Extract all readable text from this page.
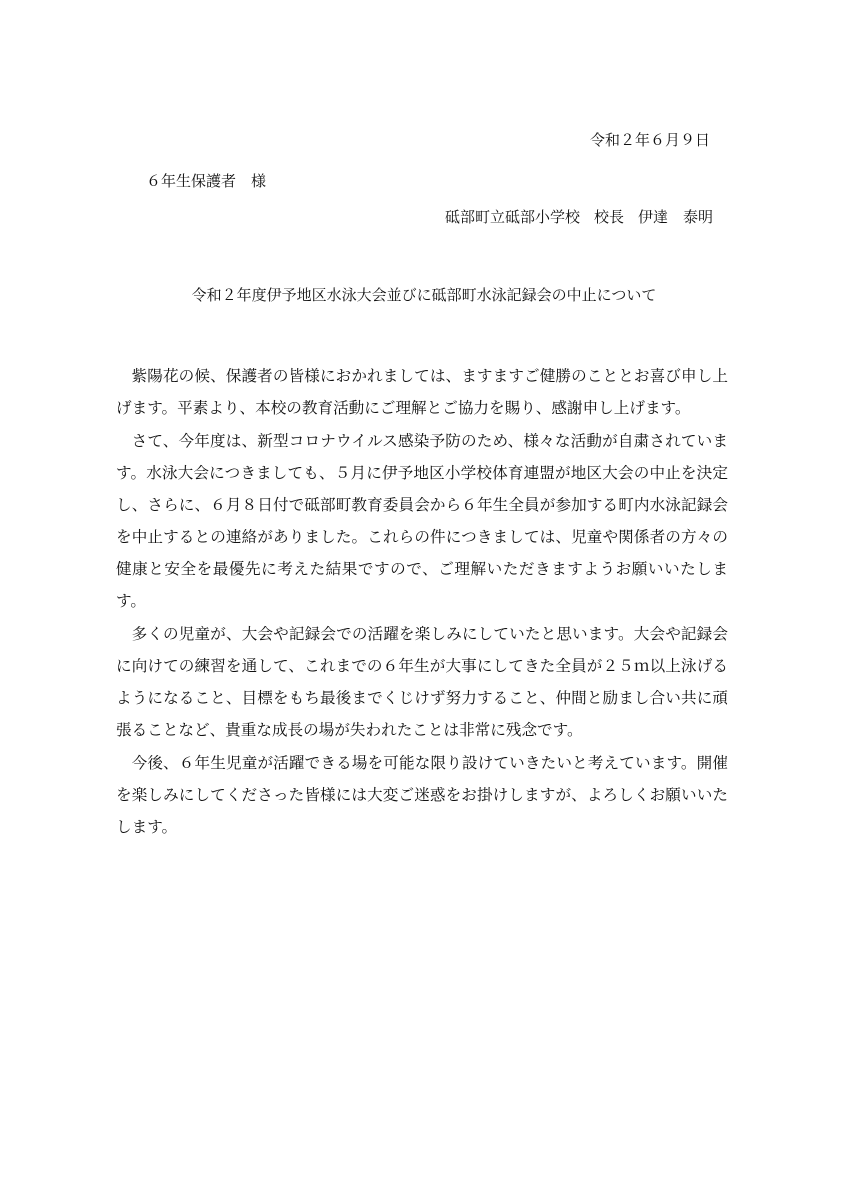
令和２年６月９日
６年生保護者　様
砥部町立砥部小学校 校長 伊達　泰明
令和２年度伊予地区水泳大会並びに砥部町水泳記録会の中止について

紫陽花の候、保護者の皆様におかれましては、ますますご健勝のこととお喜び申し上げます。平素より、本校の教育活動にご理解とご協力を賜り、感謝申し上げます。

さて、今年度は、新型コロナウイルス感染予防のため、様々な活動が自粛されています。水泳大会につきましても、５月に伊予地区小学校体育連盟が地区大会の中止を決定し、さらに、６月８日付で砥部町教育委員会から６年生全員が参加する町内水泳記録会を中止するとの連絡がありました。これらの件につきましては、児童や関係者の方々の健康と安全を最優先に考えた結果ですので、ご理解いただきますようお願いいたします。

多くの児童が、大会や記録会での活躍を楽しみにしていたと思います。大会や記録会に向けての練習を通して、これまでの６年生が大事にしてきた全員が２５ｍ以上泳げるようになること、目標をもち最後までくじけず努力すること、仲間と励まし合い共に頑張ることなど、貴重な成長の場が失われたことは非常に残念です。

今後、６年生児童が活躍できる場を可能な限り設けていきたいと考えています。開催を楽しみにしてくださった皆様には大変ご迷惑をお掛けしますが、よろしくお願いいたします。
